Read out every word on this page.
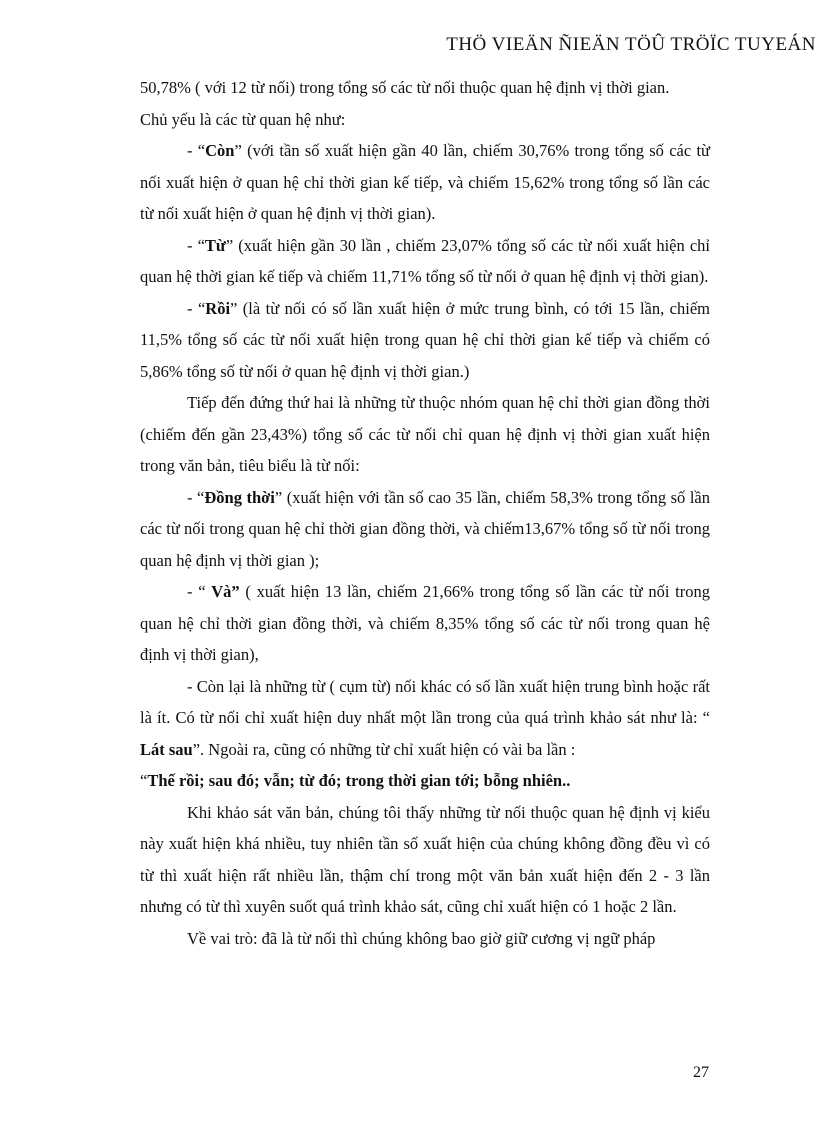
THÖ VIEÄN ÑIEÄN TÖÛ TRÖÏC TUYEÁN

50,78% ( với 12 từ nối) trong tổng số các từ nối thuộc quan hệ định vị thời gian.

Chủ yếu là các từ quan hệ như:

- “Còn” (với tần số xuất hiện gần 40 lần, chiếm 30,76% trong tổng số các từ nối xuất hiện ở quan hệ chỉ thời gian kế tiếp, và chiếm 15,62% trong tổng số lần các từ nối xuất hiện ở quan hệ định vị thời gian).

- “Từ” (xuất hiện gần 30 lần , chiếm 23,07% tổng số các từ nối xuất hiện chỉ quan hệ thời gian kế tiếp và chiếm 11,71% tổng số từ nối ở quan hệ định vị thời gian).

- “Rồi” (là từ nối có số lần xuất hiện ở mức trung bình, có tới 15 lần, chiếm 11,5% tổng số các từ nối xuất hiện trong quan hệ chỉ thời gian kế tiếp và chiếm có 5,86% tổng số từ nối ở quan hệ định vị thời gian.)

Tiếp đến đứng thứ hai là những từ thuộc nhóm quan hệ chỉ thời gian đồng thời (chiếm đến gần 23,43%) tổng số các từ nối chỉ quan hệ định vị thời gian xuất hiện trong văn bản, tiêu biểu là từ nối:

- “Đồng thời” (xuất hiện với tần số cao 35 lần, chiếm 58,3% trong tổng số lần các từ nối trong quan hệ chỉ thời gian đồng thời, và chiếm13,67% tổng số từ nối trong quan hệ định vị thời gian );

- “ Và” ( xuất hiện 13 lần, chiếm 21,66% trong tổng số lần các từ nối trong quan hệ chỉ thời gian đồng thời, và chiếm 8,35% tổng số các từ nối trong quan hệ định vị thời gian),

- Còn lại là những từ ( cụm từ) nối khác có số lần xuất hiện trung bình hoặc rất là ít. Có từ nối chỉ xuất hiện duy nhất một lần trong của quá trình khảo sát như là: “ Lát sau”. Ngoài ra, cũng có những từ chỉ xuất hiện có vài ba lần :

“Thế rồi; sau đó; vẫn; từ đó; trong thời gian tới; bỗng nhiên..

Khi khảo sát văn bản, chúng tôi thấy những từ nối thuộc quan hệ định vị kiểu này xuất hiện khá nhiều, tuy nhiên tần số xuất hiện của chúng không đồng đều vì có từ thì xuất hiện rất nhiều lần, thậm chí trong một văn bản xuất hiện đến 2 - 3 lần nhưng có từ thì xuyên suốt quá trình khảo sát, cũng chỉ xuất hiện có 1 hoặc 2 lần.

Về vai trò: đã là từ nối thì chúng không bao giờ giữ cương vị ngữ pháp

27
